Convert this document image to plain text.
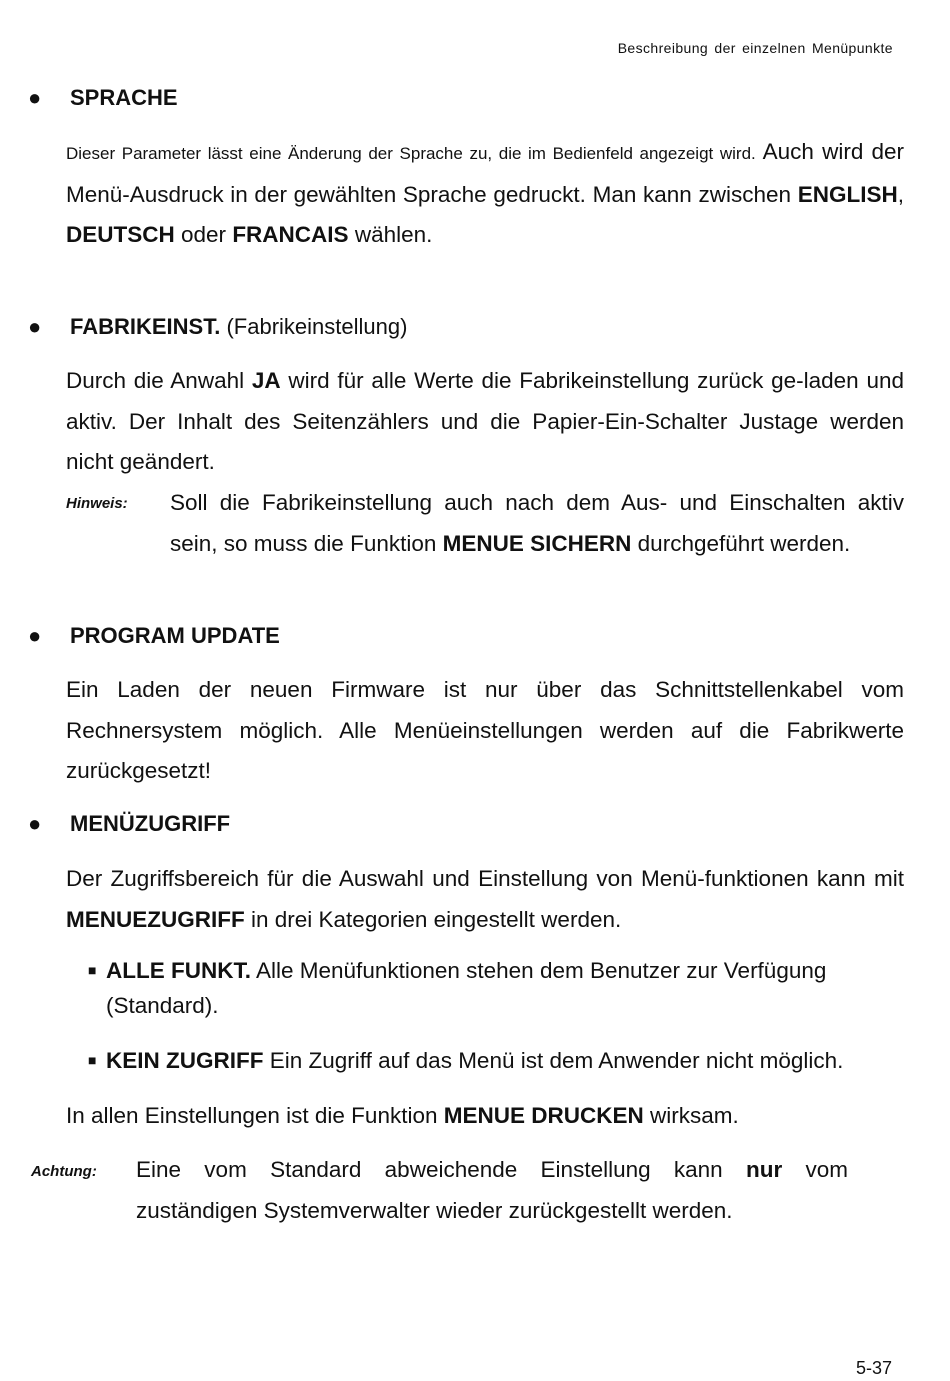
Beschreibung der einzelnen Menüpunkte
● SPRACHE
Dieser Parameter lässt eine Änderung der Sprache zu, die im Bedienfeld angezeigt wird. Auch wird der Menü-Ausdruck in der gewählten Sprache gedruckt. Man kann zwischen ENGLISH, DEUTSCH oder FRANCAIS wählen.
● FABRIKEINST. (Fabrikeinstellung)
Durch die Anwahl JA wird für alle Werte die Fabrikeinstellung zurück ge-laden und aktiv. Der Inhalt des Seitenzählers und die Papier-Ein-Schalter Justage werden nicht geändert.
Hinweis: Soll die Fabrikeinstellung auch nach dem Aus- und Einschalten aktiv sein, so muss die Funktion MENUE SICHERN durchgeführt werden.
● PROGRAM UPDATE
Ein Laden der neuen Firmware ist nur über das Schnittstellenkabel vom Rechnersystem möglich. Alle Menüeinstellungen werden auf die Fabrikwerte zurückgesetzt!
● MENÜZUGRIFF
Der Zugriffsbereich für die Auswahl und Einstellung von Menü-funktionen kann mit MENUEZUGRIFF in drei Kategorien eingestellt werden.
■ ALLE FUNKT. Alle Menüfunktionen stehen dem Benutzer zur Verfügung (Standard).
■ KEIN ZUGRIFF Ein Zugriff auf das Menü ist dem Anwender nicht möglich.
In allen Einstellungen ist die Funktion MENUE DRUCKEN wirksam.
Achtung: Eine vom Standard abweichende Einstellung kann nur vom zuständigen Systemverwalter wieder zurückgestellt werden.
5-37
